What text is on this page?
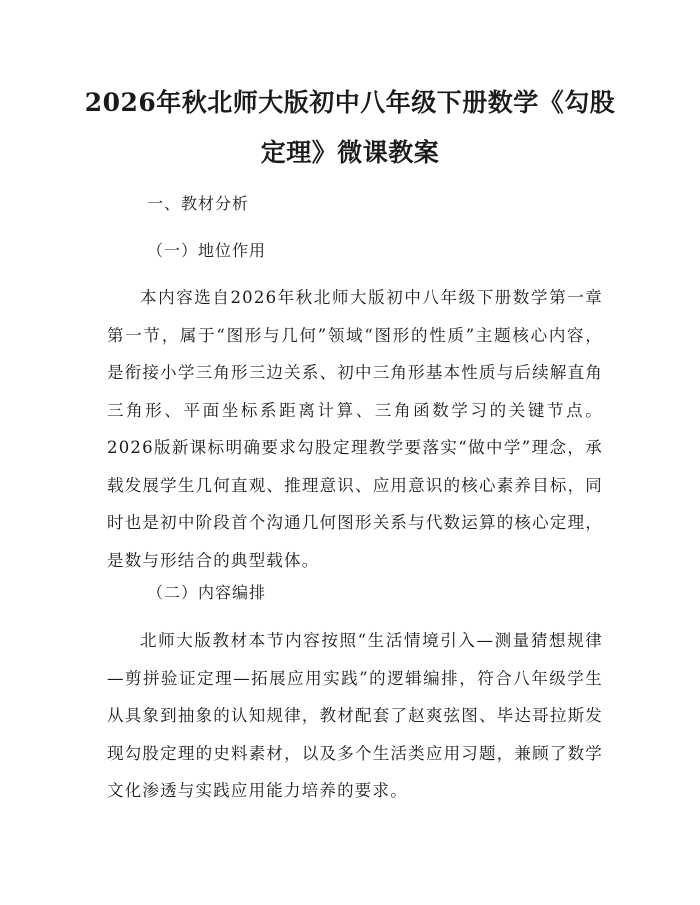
2026年秋北师大版初中八年级下册数学《勾股定理》微课教案
一、教材分析
（一）地位作用
本内容选自2026年秋北师大版初中八年级下册数学第一章第一节，属于“图形与几何”领域“图形的性质”主题核心内容，是衔接小学三角形三边关系、初中三角形基本性质与后续解直角三角形、平面坐标系距离计算、三角函数学习的关键节点。2026版新课标明确要求勾股定理教学要落实“做中学”理念，承载发展学生几何直观、推理意识、应用意识的核心素养目标，同时也是初中阶段首个沟通几何图形关系与代数运算的核心定理，是数与形结合的典型载体。
（二）内容编排
北师大版教材本节内容按照“生活情境引入—测量猜想规律—剪拼验证定理—拓展应用实践”的逻辑编排，符合八年级学生从具象到抽象的认知规律，教材配套了赵爽弦图、毕达哥拉斯发现勾股定理的史料素材，以及多个生活类应用习题，兼顾了数学文化渗透与实践应用能力培养的要求。
